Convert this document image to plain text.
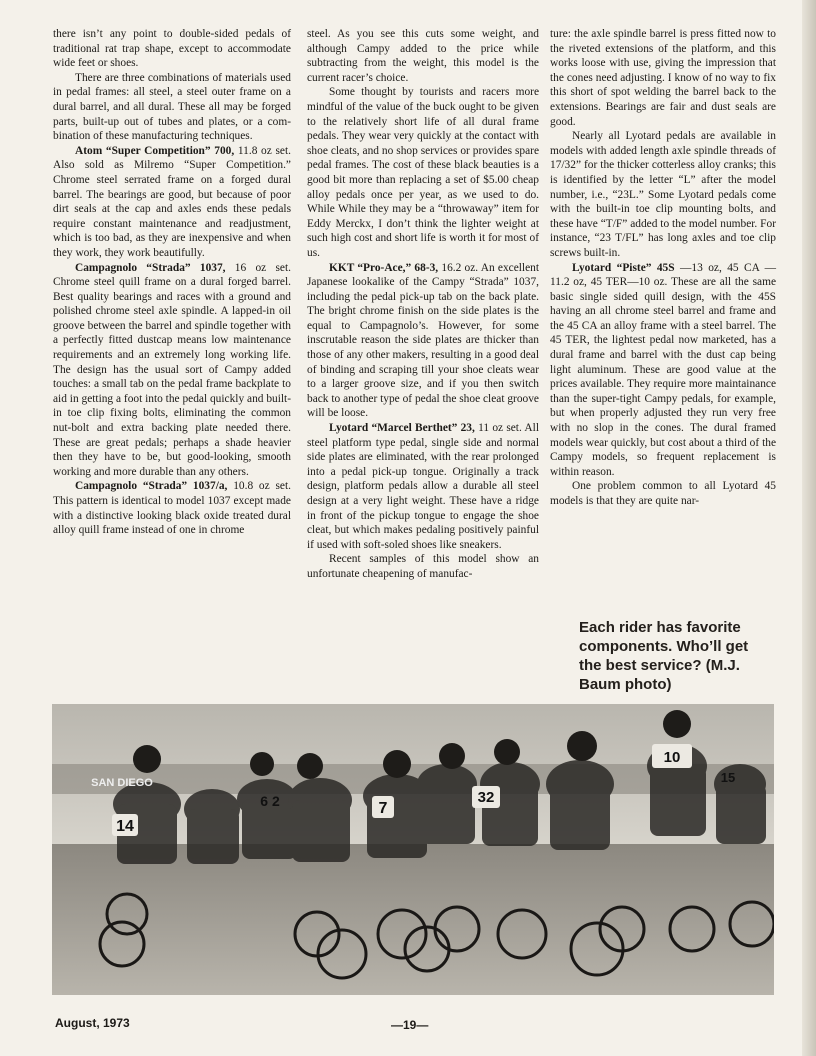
there isn’t any point to double-sided pedals of traditional rat trap shape, except to accommodate wide feet or shoes.

There are three combinations of materials used in pedal frames: all steel, a steel outer frame on a dural barrel, and all dural. These all may be forged parts, built-up out of tubes and plates, or a combination of these manufacturing techniques.

Atom “Super Competition” 700, 11.8 oz set. Also sold as Milremo “Super Competition.” Chrome steel serrated frame on a forged dural barrel. The bearings are good, but because of poor dirt seals at the cap and axles ends these pedals require constant maintenance and readjustment, which is too bad, as they are inexpensive and when they work, they work beautifully.

Campagnolo “Strada” 1037, 16 oz set. Chrome steel quill frame on a dural forged barrel. Best quality bearings and races with a ground and polished chrome steel axle spindle. A lapped-in oil groove between the barrel and spindle together with a perfectly fitted dustcap means low maintenance requirements and an extremely long working life. The design has the usual sort of Campy added touches: a small tab on the pedal frame backplate to aid in getting a foot into the pedal quickly and built-in toe clip fixing bolts, eliminating the common nut-bolt and extra backing plate needed there. These are great pedals; perhaps a shade heavier then they have to be, but good-looking, smooth working and more durable than any others.

Campagnolo “Strada” 1037/a, 10.8 oz set. This pattern is identical to model 1037 except made with a distinctive looking black oxide treated dural alloy quill frame instead of one in chrome

steel. As you see this cuts some weight, and although Campy added to the price while subtracting from the weight, this model is the current racer’s choice.

Some thought by tourists and racers more mindful of the value of the buck ought to be given to the relatively short life of all dural frame pedals. They wear very quickly at the contact with shoe cleats, and no shop services or provides spare pedal frames. The cost of these black beauties is a good bit more than replacing a set of $5.00 cheap alloy pedals once per year, as we used to do. While While they may be a “throwaway” item for Eddy Merckx, I don’t think the lighter weight at such high cost and short life is worth it for most of us.

KKT “Pro-Ace,” 68-3, 16.2 oz. An excellent Japanese lookalike of the Campy “Strada” 1037, including the pedal pick-up tab on the back plate. The bright chrome finish on the side plates is the equal to Campagnolo’s. However, for some inscrutable reason the side plates are thicker than those of any other makers, resulting in a good deal of binding and scraping till your shoe cleats wear to a larger groove size, and if you then switch back to another type of pedal the shoe cleat groove will be loose.

Lyotard “Marcel Berthet” 23, 11 oz set. All steel platform type pedal, single side and normal side plates are eliminated, with the rear prolonged into a pedal pick-up tongue. Originally a track design, platform pedals allow a durable all steel design at a very light weight. These have a ridge in front of the pickup tongue to engage the shoe cleat, but which makes pedaling positively painful if used with soft-soled shoes like sneakers.

Recent samples of this model show an unfortunate cheapening of manufac-

ture: the axle spindle barrel is press fitted now to the riveted extensions of the platform, and this works loose with use, giving the impression that the cones need adjusting. I know of no way to fix this short of spot welding the barrel back to the extensions. Bearings are fair and dust seals are good.

Nearly all Lyotard pedals are available in models with added length axle spindle threads of 17/32” for the thicker cotterless alloy cranks; this is identified by the letter “L” after the model number, i.e., “23L.” Some Lyotard pedals come with the built-in toe clip mounting bolts, and these have “T/F” added to the model number. For instance, “23 T/FL” has long axles and toe clip screws built-in.

Lyotard “Piste” 45S —13 oz, 45 CA —11.2 oz, 45 TER—10 oz. These are all the same basic single sided quill design, with the 45S having an all chrome steel barrel and frame and the 45 CA an alloy frame with a steel barrel. The 45 TER, the lightest pedal now marketed, has a dural frame and barrel with the dust cap being light aluminum. These are good value at the prices available. They require more maintainance than the super-tight Campy pedals, for example, but when properly adjusted they run very free with no slop in the cones. The dural framed models wear quickly, but cost about a third of the Campy models, so frequent replacement is within reason.

One problem common to all Lyotard 45 models is that they are quite nar-

Each rider has favorite components. Who’ll get the best service? (M.J. Baum photo)
14
6 2	7
32
10
15
SAN DIEGO
August, 1973	—19—
